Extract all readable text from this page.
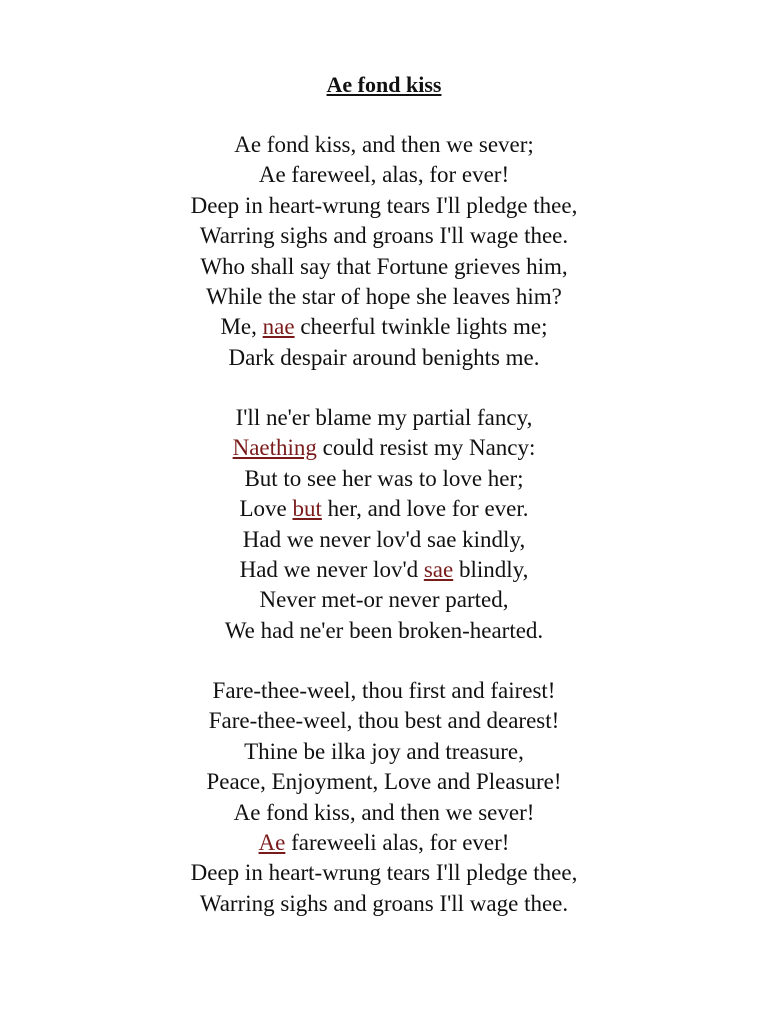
Ae fond kiss
Ae fond kiss, and then we sever;
Ae fareweel, alas, for ever!
Deep in heart-wrung tears I'll pledge thee,
Warring sighs and groans I'll wage thee.
Who shall say that Fortune grieves him,
While the star of hope she leaves him?
Me, nae cheerful twinkle lights me;
Dark despair around benights me.
I'll ne'er blame my partial fancy,
Naething could resist my Nancy:
But to see her was to love her;
Love but her, and love for ever.
Had we never lov'd sae kindly,
Had we never lov'd sae blindly,
Never met-or never parted,
We had ne'er been broken-hearted.
Fare-thee-weel, thou first and fairest!
Fare-thee-weel, thou best and dearest!
Thine be ilka joy and treasure,
Peace, Enjoyment, Love and Pleasure!
Ae fond kiss, and then we sever!
Ae fareweeli alas, for ever!
Deep in heart-wrung tears I'll pledge thee,
Warring sighs and groans I'll wage thee.
